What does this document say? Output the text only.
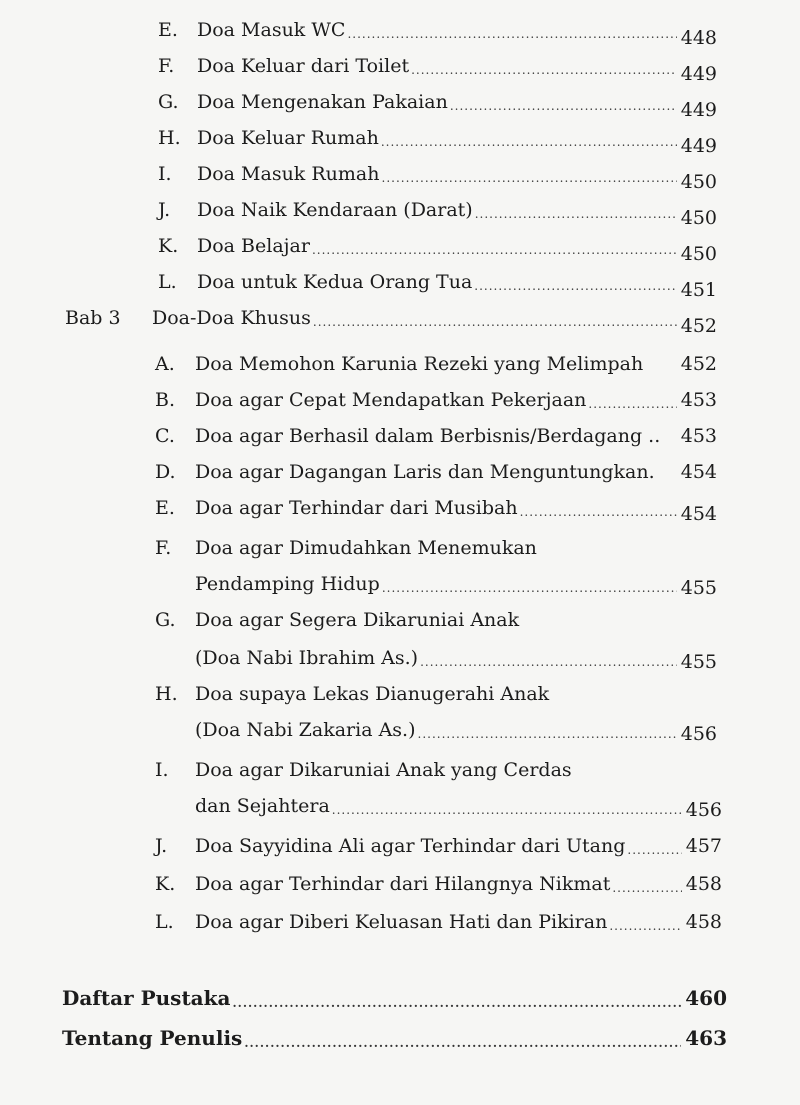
E. Doa Masuk WC .....	448
F. Doa Keluar dari Toilet .....	449
G. Doa Mengenakan Pakaian .....	449
H. Doa Keluar Rumah .....	449
I. Doa Masuk Rumah .....	450
J. Doa Naik Kendaraan (Darat) .....	450
K. Doa Belajar .....	450
L. Doa untuk Kedua Orang Tua .....	451
Bab 3 Doa-Doa Khusus .....	452
A. Doa Memohon Karunia Rezeki yang Melimpah 452
B. Doa agar Cepat Mendapatkan Pekerjaan .....	453
C. Doa agar Berhasil dalam Berbisnis/Berdagang .. 453
D. Doa agar Dagangan Laris dan Menguntungkan. 454
E. Doa agar Terhindar dari Musibah .....	454
F. Doa agar Dimudahkan Menemukan
Pendamping Hidup .....	455
G. Doa agar Segera Dikaruniai Anak
(Doa Nabi Ibrahim As.) .....	455
H. Doa supaya Lekas Dianugerahi Anak
(Doa Nabi Zakaria As.) .....	456
I. Doa agar Dikaruniai Anak yang Cerdas
dan Sejahtera .....	456
J. Doa Sayyidina Ali agar Terhindar dari Utang .....	457
K. Doa agar Terhindar dari Hilangnya Nikmat .....	458
L. Doa agar Diberi Keluasan Hati dan Pikiran .....	458
Daftar Pustaka .....	460
Tentang Penulis .....	463
